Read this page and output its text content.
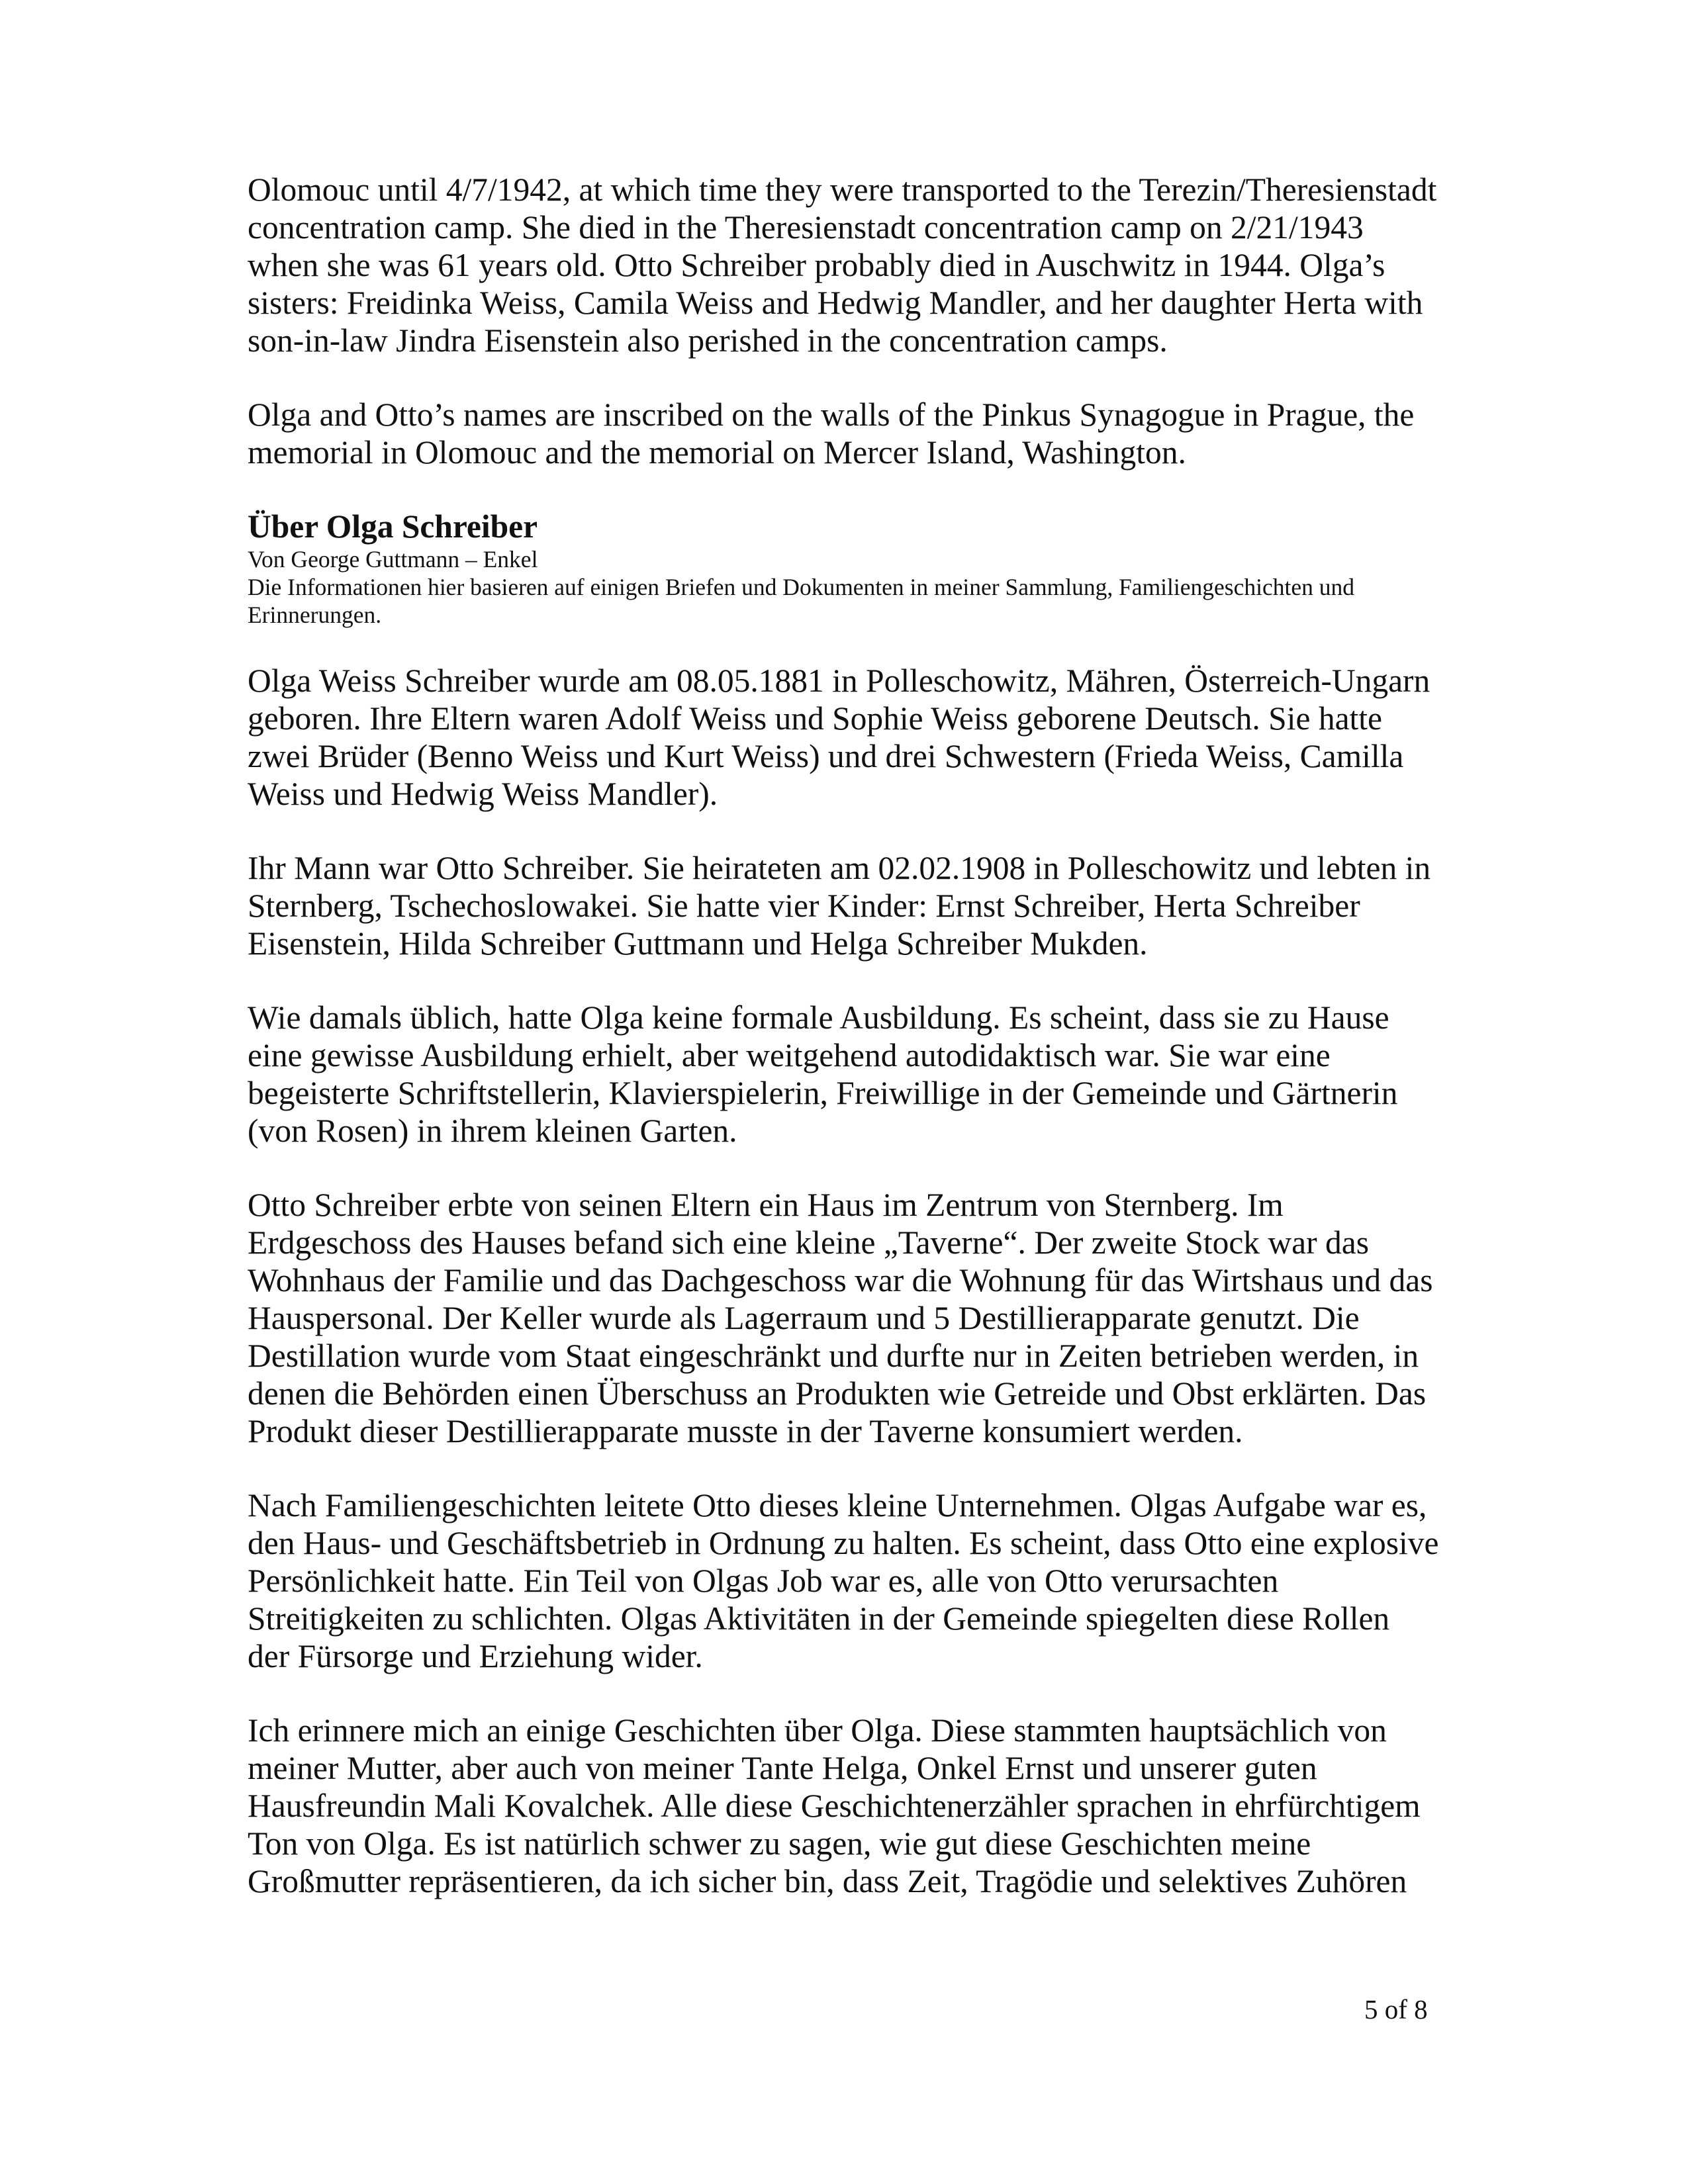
Olomouc until 4/7/1942, at which time they were transported to the Terezin/Theresienstadt concentration camp. She died in the Theresienstadt concentration camp on 2/21/1943 when she was 61 years old. Otto Schreiber probably died in Auschwitz in 1944. Olga’s sisters: Freidinka Weiss, Camila Weiss and Hedwig Mandler, and her daughter Herta with son-in-law Jindra Eisenstein also perished in the concentration camps.

Olga and Otto’s names are inscribed on the walls of the Pinkus Synagogue in Prague, the memorial in Olomouc and the memorial on Mercer Island, Washington.

Über Olga Schreiber

Von George Guttmann – Enkel

Die Informationen hier basieren auf einigen Briefen und Dokumenten in meiner Sammlung, Familiengeschichten und Erinnerungen.

Olga Weiss Schreiber wurde am 08.05.1881 in Polleschowitz, Mähren, Österreich-Ungarn geboren. Ihre Eltern waren Adolf Weiss und Sophie Weiss geborene Deutsch. Sie hatte zwei Brüder (Benno Weiss und Kurt Weiss) und drei Schwestern (Frieda Weiss, Camilla Weiss und Hedwig Weiss Mandler).

Ihr Mann war Otto Schreiber. Sie heirateten am 02.02.1908 in Polleschowitz und lebten in Sternberg, Tschechoslowakei. Sie hatte vier Kinder: Ernst Schreiber, Herta Schreiber Eisenstein, Hilda Schreiber Guttmann und Helga Schreiber Mukden.

Wie damals üblich, hatte Olga keine formale Ausbildung. Es scheint, dass sie zu Hause eine gewisse Ausbildung erhielt, aber weitgehend autodidaktisch war. Sie war eine begeisterte Schriftstellerin, Klavierspielerin, Freiwillige in der Gemeinde und Gärtnerin (von Rosen) in ihrem kleinen Garten.

Otto Schreiber erbte von seinen Eltern ein Haus im Zentrum von Sternberg. Im Erdgeschoss des Hauses befand sich eine kleine „Taverne“. Der zweite Stock war das Wohnhaus der Familie und das Dachgeschoss war die Wohnung für das Wirtshaus und das Hauspersonal. Der Keller wurde als Lagerraum und 5 Destillierapparate genutzt. Die Destillation wurde vom Staat eingeschränkt und durfte nur in Zeiten betrieben werden, in denen die Behörden einen Überschuss an Produkten wie Getreide und Obst erklärten. Das Produkt dieser Destillierapparate musste in der Taverne konsumiert werden.

Nach Familiengeschichten leitete Otto dieses kleine Unternehmen. Olgas Aufgabe war es, den Haus- und Geschäftsbetrieb in Ordnung zu halten. Es scheint, dass Otto eine explosive Persönlichkeit hatte. Ein Teil von Olgas Job war es, alle von Otto verursachten Streitigkeiten zu schlichten. Olgas Aktivitäten in der Gemeinde spiegelten diese Rollen der Fürsorge und Erziehung wider.

Ich erinnere mich an einige Geschichten über Olga. Diese stammten hauptsächlich von meiner Mutter, aber auch von meiner Tante Helga, Onkel Ernst und unserer guten Hausfreundin Mali Kovalchek. Alle diese Geschichtenerzähler sprachen in ehrfürchtigem Ton von Olga. Es ist natürlich schwer zu sagen, wie gut diese Geschichten meine Großmutter repräsentieren, da ich sicher bin, dass Zeit, Tragödie und selektives Zuhören

5 of 8
